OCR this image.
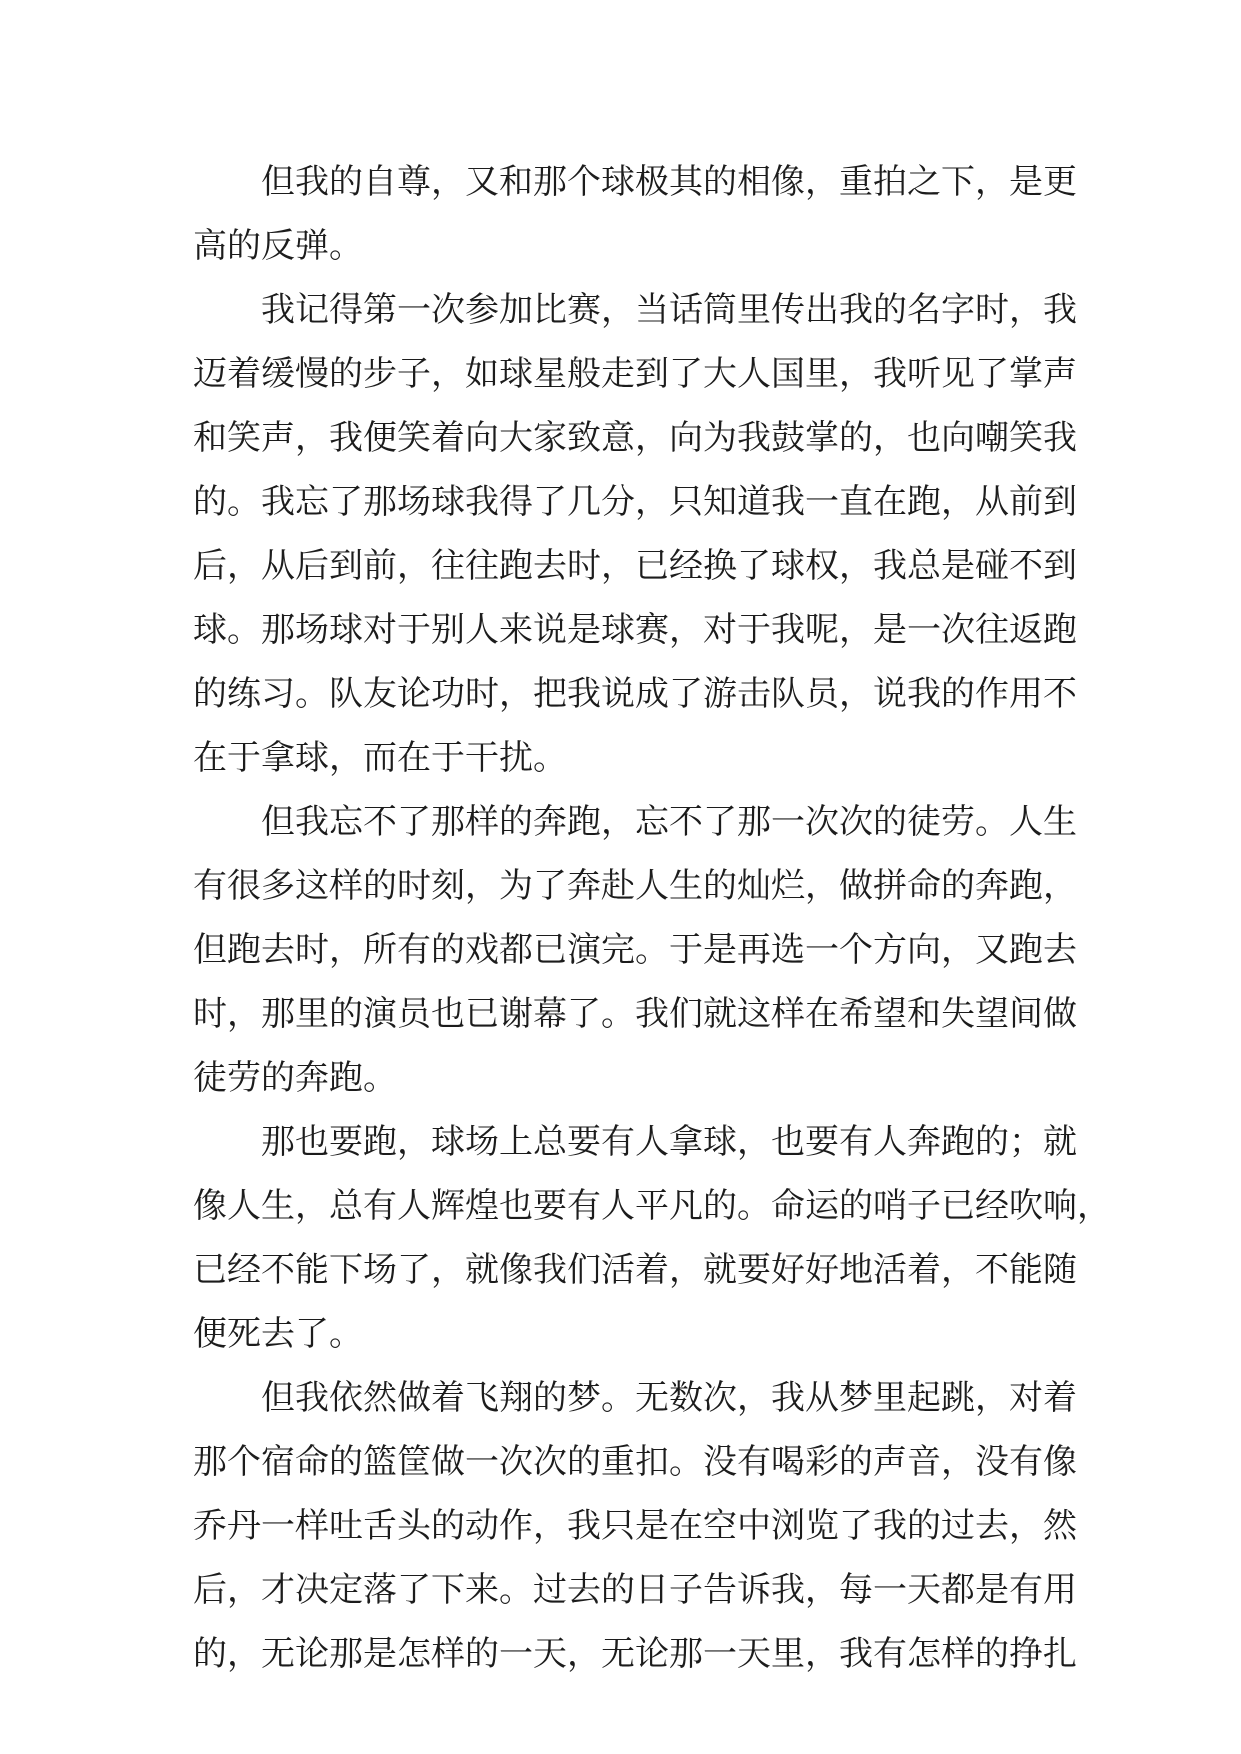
但我的自尊，又和那个球极其的相像，重拍之下，是更
高的反弹。
我记得第一次参加比赛，当话筒里传出我的名字时，我
迈着缓慢的步子，如球星般走到了大人国里，我听见了掌声
和笑声，我便笑着向大家致意，向为我鼓掌的，也向嘲笑我
的。我忘了那场球我得了几分，只知道我一直在跑，从前到
后，从后到前，往往跑去时，已经换了球权，我总是碰不到
球。那场球对于别人来说是球赛，对于我呢，是一次往返跑
的练习。队友论功时，把我说成了游击队员，说我的作用不
在于拿球，而在于干扰。
但我忘不了那样的奔跑，忘不了那一次次的徒劳。人生
有很多这样的时刻，为了奔赴人生的灿烂，做拼命的奔跑，
但跑去时，所有的戏都已演完。于是再选一个方向，又跑去
时，那里的演员也已谢幕了。我们就这样在希望和失望间做
徒劳的奔跑。
那也要跑，球场上总要有人拿球，也要有人奔跑的；就
像人生，总有人辉煌也要有人平凡的。命运的哨子已经吹响，
已经不能下场了，就像我们活着，就要好好地活着，不能随
便死去了。
但我依然做着飞翔的梦。无数次，我从梦里起跳，对着
那个宿命的篮筐做一次次的重扣。没有喝彩的声音，没有像
乔丹一样吐舌头的动作，我只是在空中浏览了我的过去，然
后，才决定落了下来。过去的日子告诉我，每一天都是有用
的，无论那是怎样的一天，无论那一天里，我有怎样的挣扎
